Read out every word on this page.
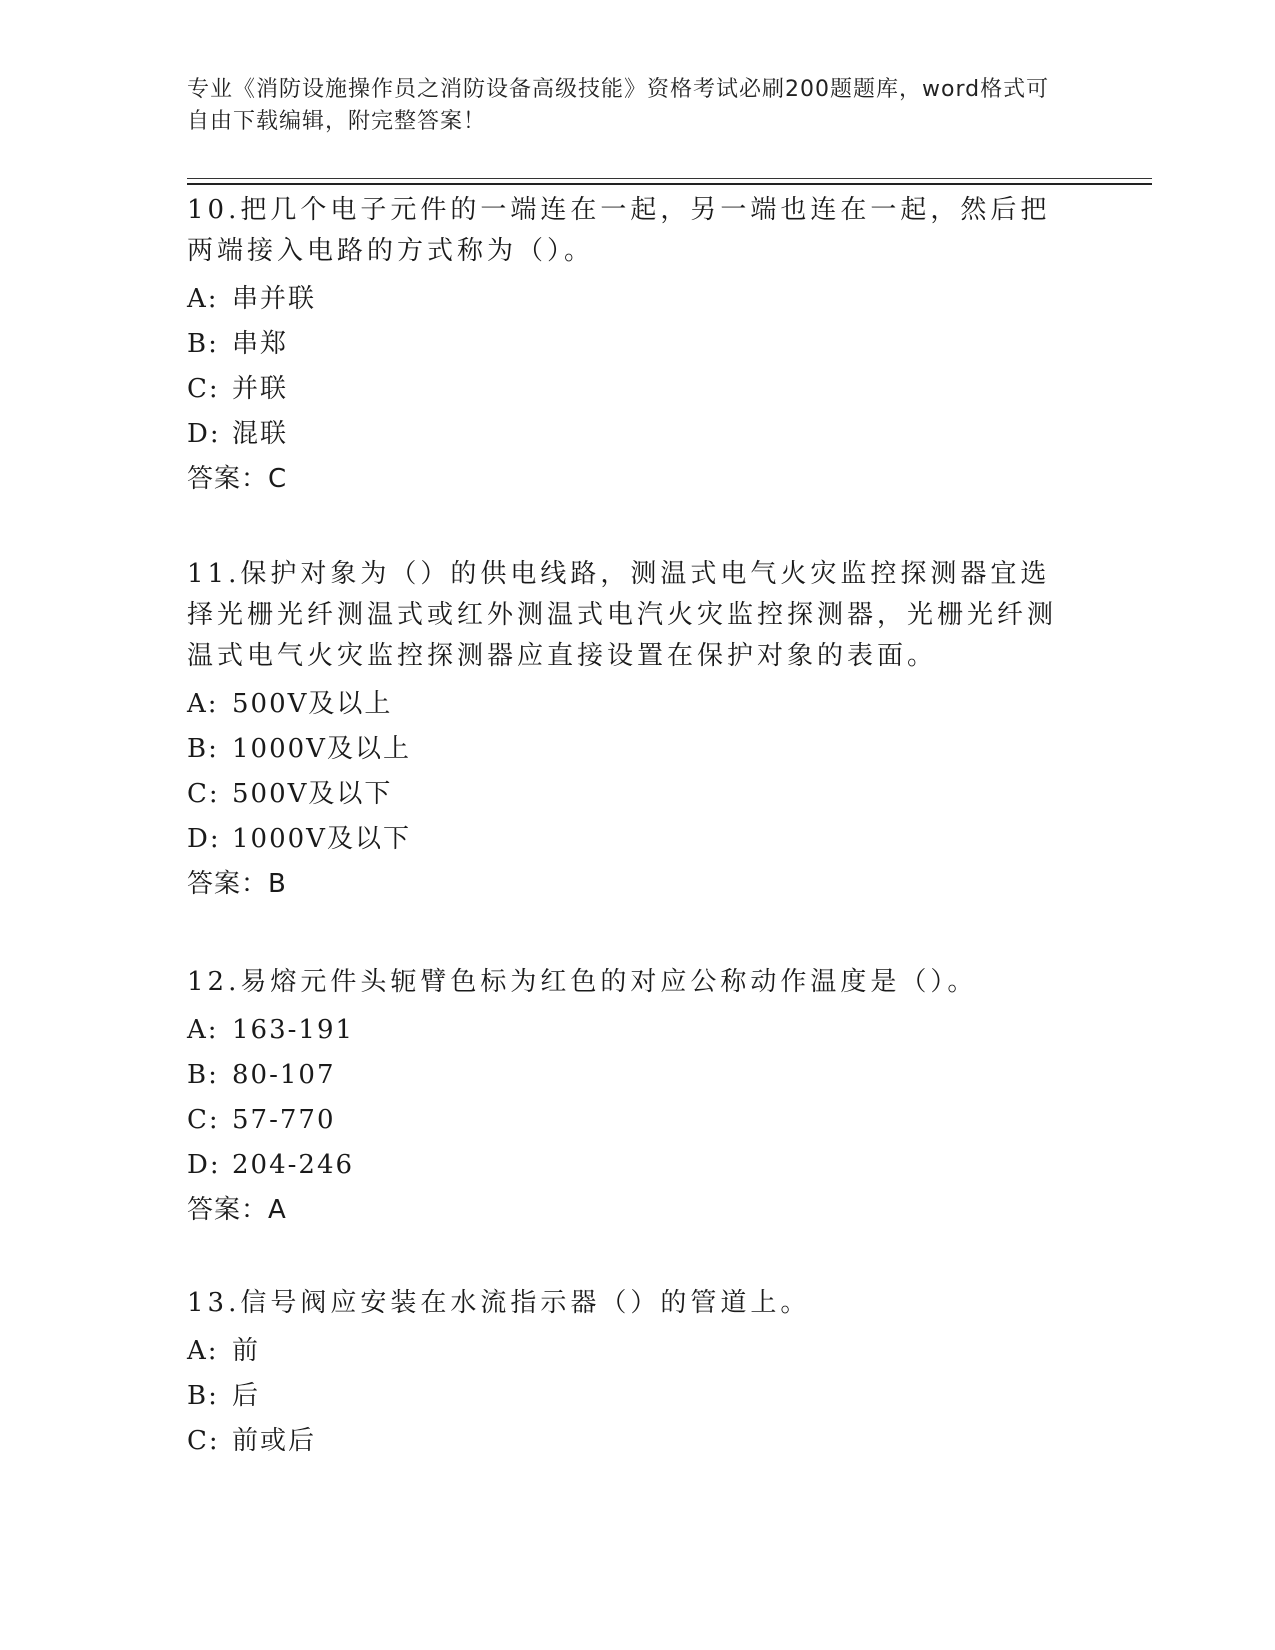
专业《消防设施操作员之消防设备高级技能》资格考试必刷200题题库，word格式可自由下载编辑，附完整答案！
10.把几个电子元件的一端连在一起，另一端也连在一起，然后把两端接入电路的方式称为（）。
A: 串并联
B: 串郑
C: 并联
D: 混联
答案：C
11.保护对象为（）的供电线路，测温式电气火灾监控探测器宜选择光栅光纤测温式或红外测温式电汽火灾监控探测器，光栅光纤测温式电气火灾监控探测器应直接设置在保护对象的表面。
A: 500V及以上
B: 1000V及以上
C: 500V及以下
D: 1000V及以下
答案：B
12.易熔元件头轭臂色标为红色的对应公称动作温度是（）。
A: 163-191
B: 80-107
C: 57-770
D: 204-246
答案：A
13.信号阀应安装在水流指示器（）的管道上。
A: 前
B: 后
C: 前或后
